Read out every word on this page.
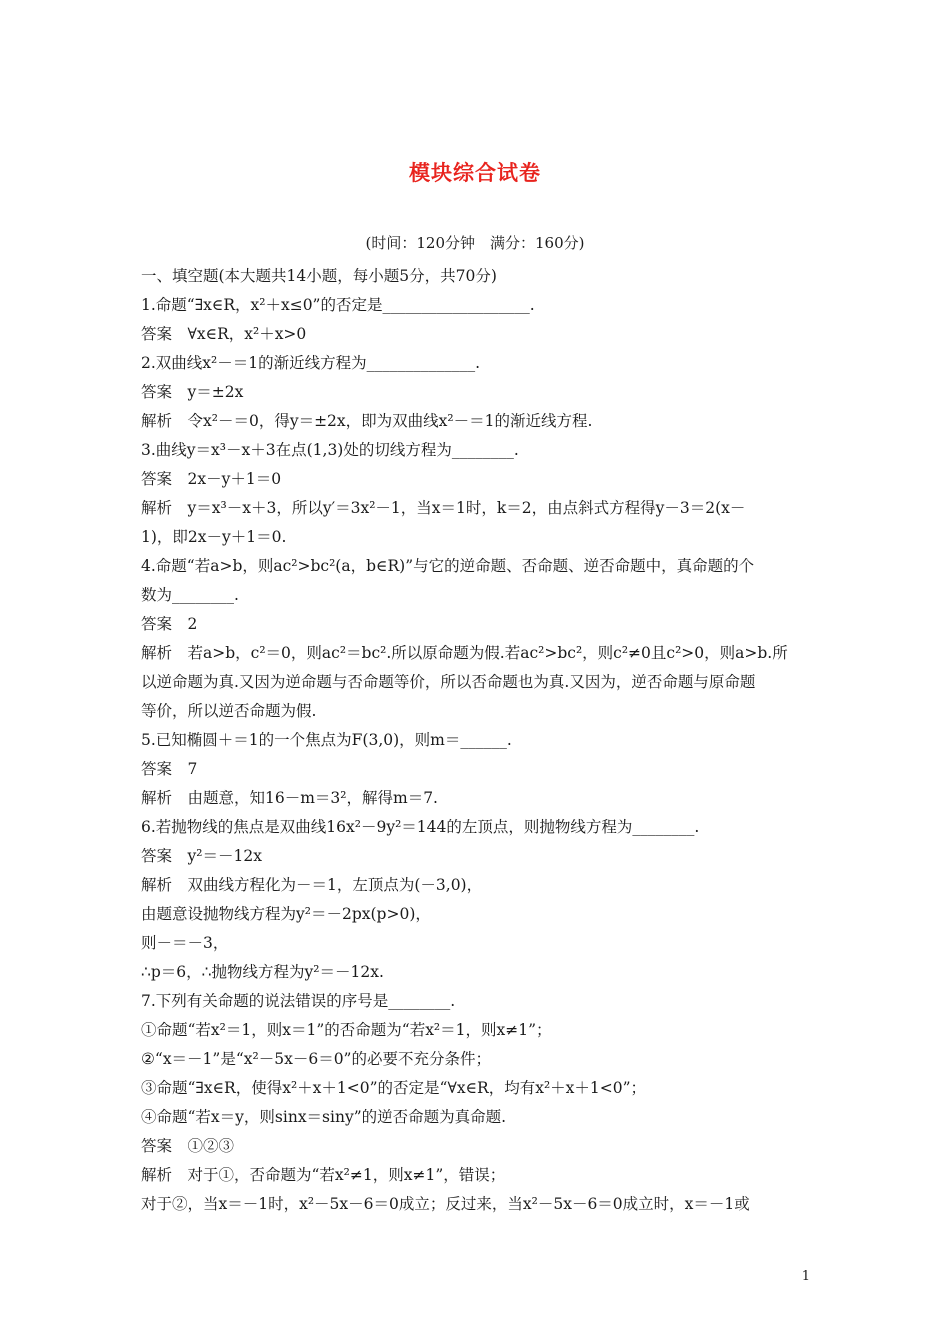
模块综合试卷
(时间：120分钟　满分：160分)
一、填空题(本大题共14小题，每小题5分，共70分)
1.命题“∃x∈R，x²＋x≤0”的否定是___________________.
答案　∀x∈R，x²＋x>0
2.双曲线x²－＝1的渐近线方程为______________.
答案　y＝±2x
解析　令x²－＝0，得y＝±2x，即为双曲线x²－＝1的渐近线方程.
3.曲线y＝x³－x＋3在点(1,3)处的切线方程为________.
答案　2x－y＋1＝0
解析　y＝x³－x＋3，所以y′＝3x²－1，当x＝1时，k＝2，由点斜式方程得y－3＝2(x－
1)，即2x－y＋1＝0.
4.命题“若a>b，则ac²>bc²(a，b∈R)”与它的逆命题、否命题、逆否命题中，真命题的个
数为________.
答案　2
解析　若a>b，c²＝0，则ac²＝bc².所以原命题为假.若ac²>bc²，则c²≠0且c²>0，则a>b.所
以逆命题为真.又因为逆命题与否命题等价，所以否命题也为真.又因为，逆否命题与原命题
等价，所以逆否命题为假.
5.已知椭圆＋＝1的一个焦点为F(3,0)，则m＝______.
答案　7
解析　由题意，知16－m＝3²，解得m＝7.
6.若抛物线的焦点是双曲线16x²－9y²＝144的左顶点，则抛物线方程为________.
答案　y²＝－12x
解析　双曲线方程化为－＝1，左顶点为(－3,0)，
由题意设抛物线方程为y²＝－2px(p>0)，
则－＝－3，
∴p＝6，∴抛物线方程为y²＝－12x.
7.下列有关命题的说法错误的序号是________.
①命题“若x²＝1，则x＝1”的否命题为“若x²＝1，则x≠1”；
②“x＝－1”是“x²－5x－6＝0”的必要不充分条件；
③命题“∃x∈R，使得x²＋x＋1<0”的否定是“∀x∈R，均有x²＋x＋1<0”；
④命题“若x＝y，则sinx＝siny”的逆否命题为真命题.
答案　①②③
解析　对于①，否命题为“若x²≠1，则x≠1”，错误；
对于②，当x＝－1时，x²－5x－6＝0成立；反过来，当x²－5x－6＝0成立时，x＝－1或
1
